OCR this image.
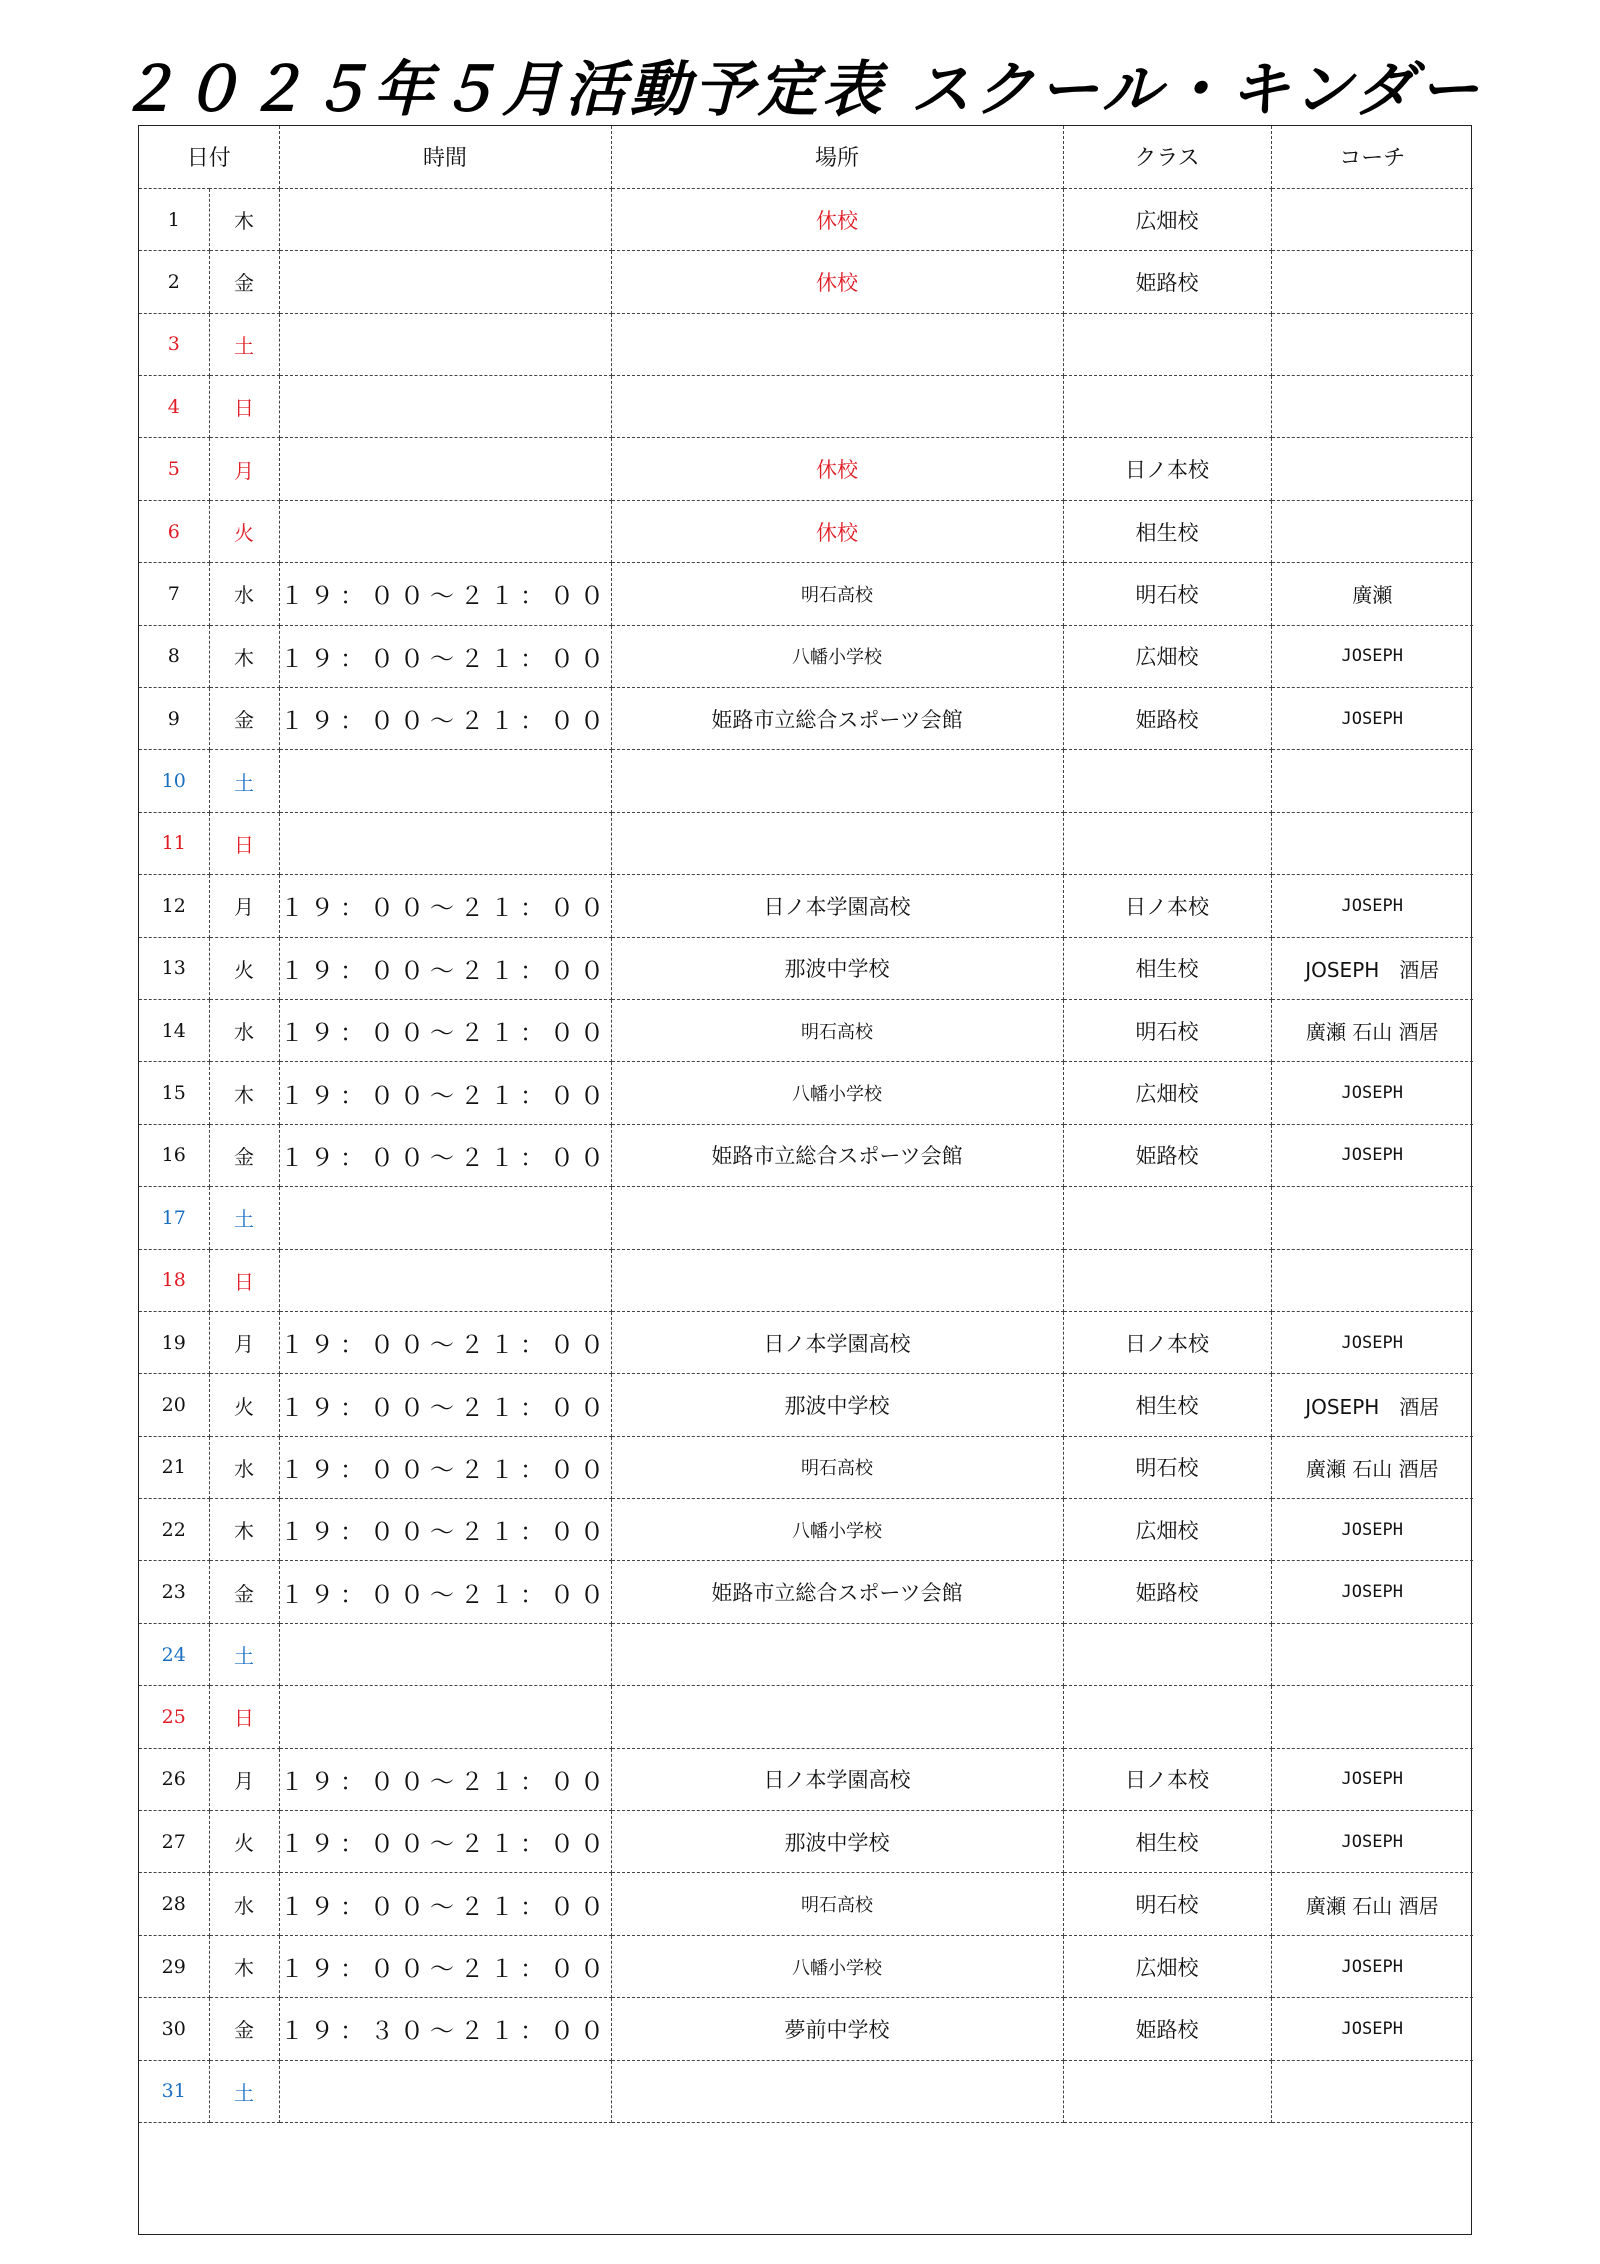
２０２５年５月活動予定表 スクール・キンダー
日付		時間	場所	クラス	コーチ
1	木		休校	広畑校	
2	金		休校	姫路校	
3	土				
4	日				
5	月		休校	日ノ本校	
6	火		休校	相生校	
7	水	１９：００～２１：００	明石高校	明石校	廣瀬
8	木	１９：００～２１：００	八幡小学校	広畑校	JOSEPH
9	金	１９：００～２１：００	姫路市立総合スポーツ会館	姫路校	JOSEPH
10	土				
11	日				
12	月	１９：００～２１：００	日ノ本学園高校	日ノ本校	JOSEPH
13	火	１９：００～２１：００	那波中学校	相生校	JOSEPH　酒居
14	水	１９：００～２１：００	明石高校	明石校	廣瀬 石山 酒居
15	木	１９：００～２１：００	八幡小学校	広畑校	JOSEPH
16	金	１９：００～２１：００	姫路市立総合スポーツ会館	姫路校	JOSEPH
17	土				
18	日				
19	月	１９：００～２１：００	日ノ本学園高校	日ノ本校	JOSEPH
20	火	１９：００～２１：００	那波中学校	相生校	JOSEPH　酒居
21	水	１９：００～２１：００	明石高校	明石校	廣瀬 石山 酒居
22	木	１９：００～２１：００	八幡小学校	広畑校	JOSEPH
23	金	１９：００～２１：００	姫路市立総合スポーツ会館	姫路校	JOSEPH
24	土				
25	日				
26	月	１９：００～２１：００	日ノ本学園高校	日ノ本校	JOSEPH
27	火	１９：００～２１：００	那波中学校	相生校	JOSEPH
28	水	１９：００～２１：００	明石高校	明石校	廣瀬 石山 酒居
29	木	１９：００～２１：００	八幡小学校	広畑校	JOSEPH
30	金	１９：３０～２１：００	夢前中学校	姫路校	JOSEPH
31	土				
